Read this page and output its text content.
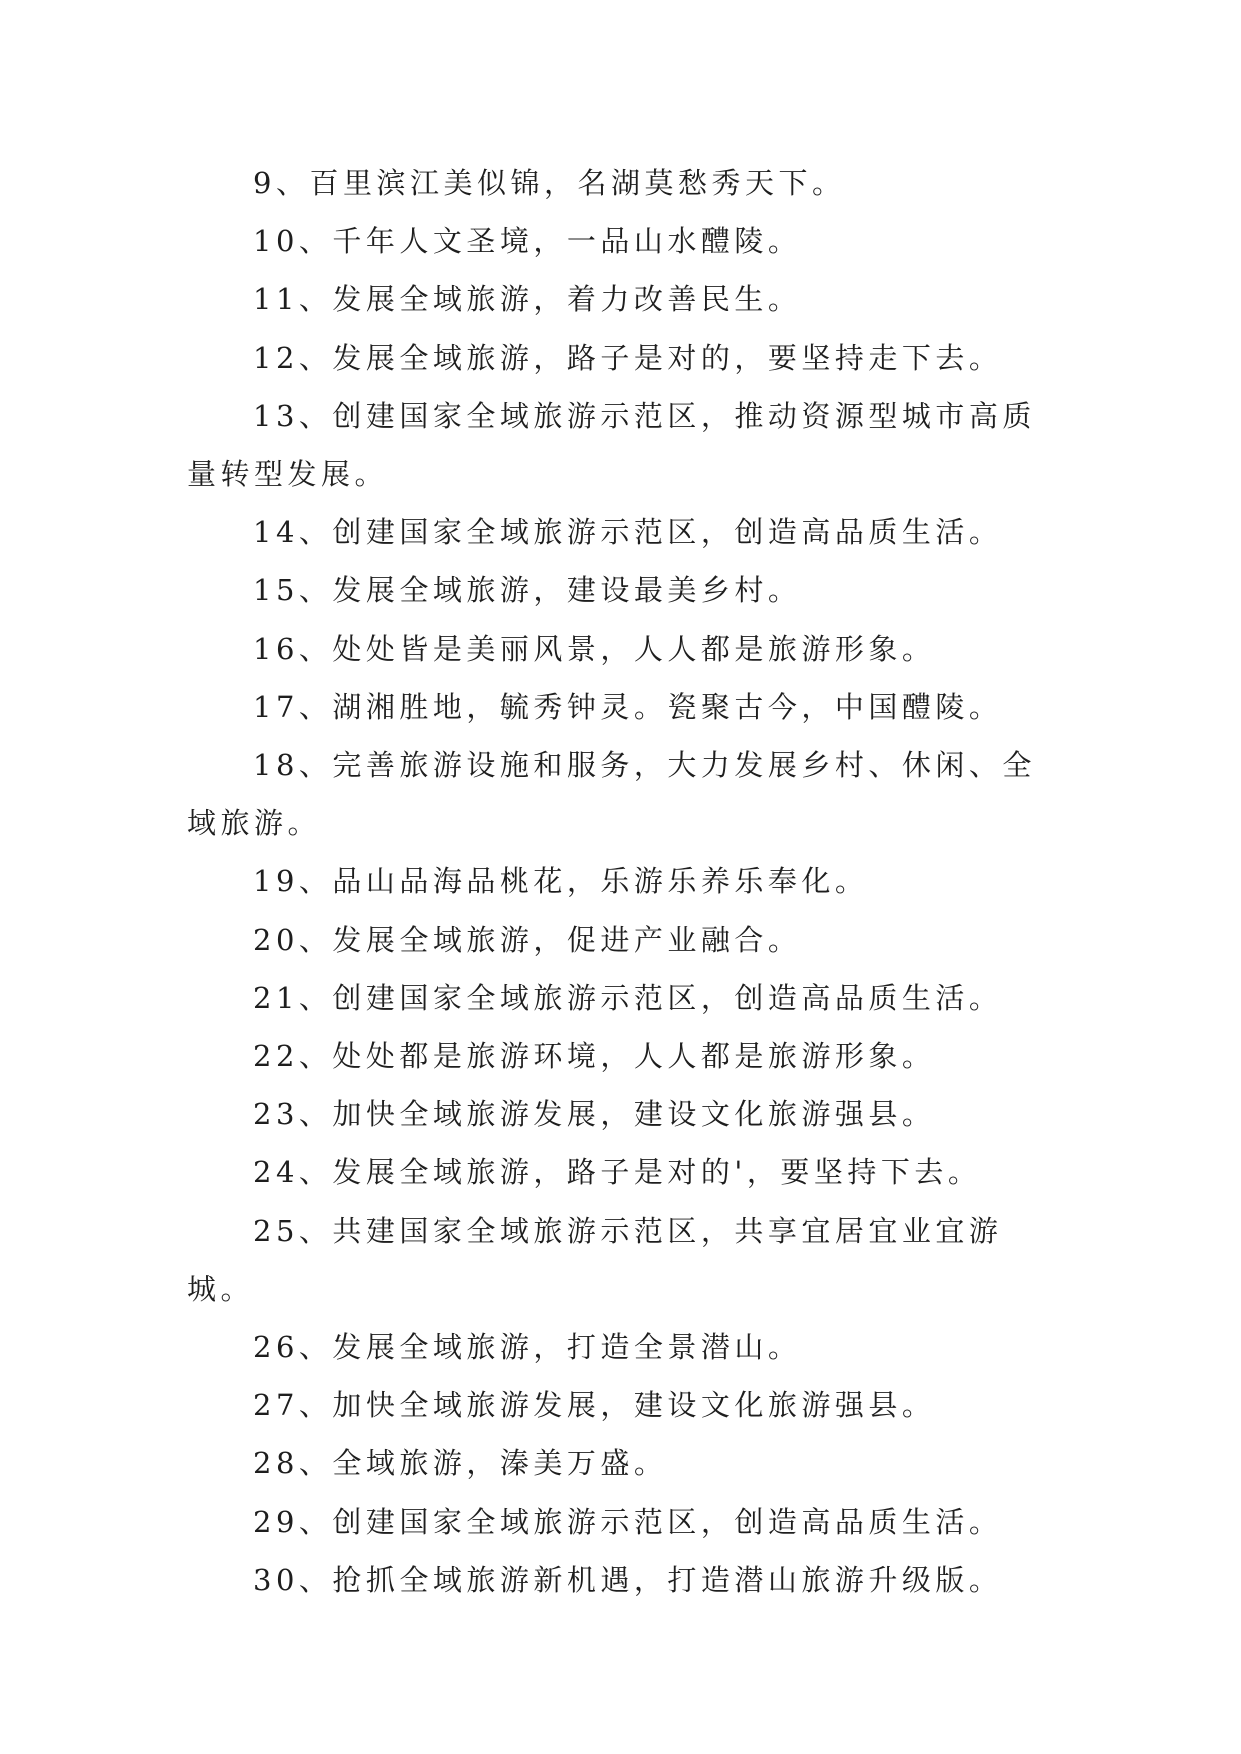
9、百里滨江美似锦，名湖莫愁秀天下。

10、千年人文圣境，一品山水醴陵。

11、发展全域旅游，着力改善民生。

12、发展全域旅游，路子是对的，要坚持走下去。

13、创建国家全域旅游示范区，推动资源型城市高质量转型发展。

14、创建国家全域旅游示范区，创造高品质生活。

15、发展全域旅游，建设最美乡村。

16、处处皆是美丽风景，人人都是旅游形象。

17、湖湘胜地，毓秀钟灵。瓷聚古今，中国醴陵。

18、完善旅游设施和服务，大力发展乡村、休闲、全域旅游。

19、品山品海品桃花，乐游乐养乐奉化。

20、发展全域旅游，促进产业融合。

21、创建国家全域旅游示范区，创造高品质生活。

22、处处都是旅游环境，人人都是旅游形象。

23、加快全域旅游发展，建设文化旅游强县。

24、发展全域旅游，路子是对的'，要坚持下去。

25、共建国家全域旅游示范区，共享宜居宜业宜游城。

26、发展全域旅游，打造全景潜山。

27、加快全域旅游发展，建设文化旅游强县。

28、全域旅游，溱美万盛。

29、创建国家全域旅游示范区，创造高品质生活。

30、抢抓全域旅游新机遇，打造潜山旅游升级版。
